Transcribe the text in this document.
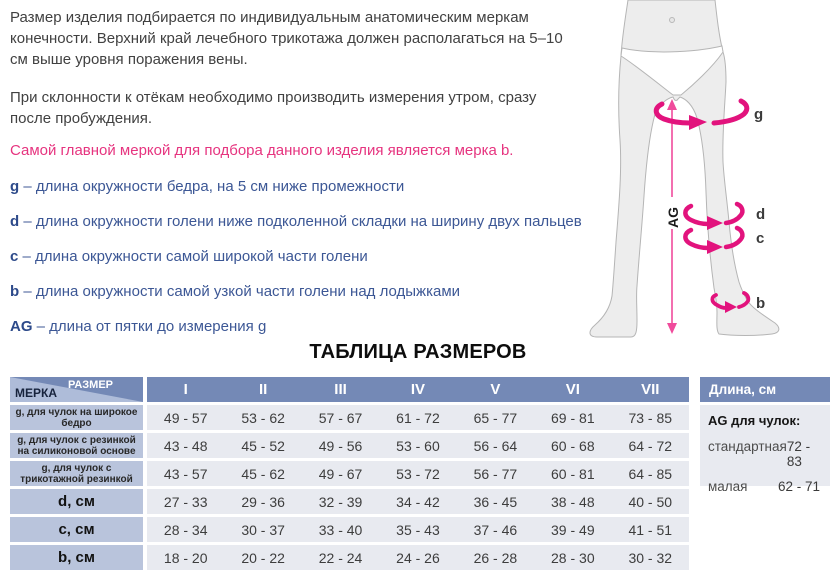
Размер изделия подбирается по индивидуальным анатомическим меркам
конечности. Верхний край лечебного трикотажа должен располагаться на 5–10
см выше уровня поражения вены.
При склонности к отёкам необходимо производить измерения утром, сразу
после пробуждения.
Самой главной меркой для подбора данного изделия является мерка b.
g – длина окружности бедра, на 5 см ниже промежности
d – длина окружности голени ниже подколенной складки на ширину двух пальцев
c – длина окружности самой широкой части голени
b – длина окружности самой узкой части голени над лодыжками
AG – длина от пятки до измерения g
AG
g
d
c
b
ТАБЛИЦА РАЗМЕРОВ
РАЗМЕР
МЕРКА	I	II	III	IV	V	VI	VII
g, для чулок на широкое бедро	49 - 57	53 - 62	57 - 67	61 - 72	65 - 77	69 - 81	73 - 85
g, для чулок с резинкой на силиконовой основе	43 - 48	45 - 52	49 - 56	53 - 60	56 - 64	60 - 68	64 - 72
g, для чулок с трикотажной резинкой	43 - 57	45 - 62	49 - 67	53 - 72	56 - 77	60 - 81	64 - 85
d, см	27 - 33	29 - 36	32 - 39	34 - 42	36 - 45	38 - 48	40 - 50
c, см	28 - 34	30 - 37	33 - 40	35 - 43	37 - 46	39 - 49	41 - 51
b, см	18 - 20	20 - 22	22 - 24	24 - 26	26 - 28	28 - 30	30 - 32
Длина, см
AG для чулок:
стандартная 72 - 83
малая 62 - 71
